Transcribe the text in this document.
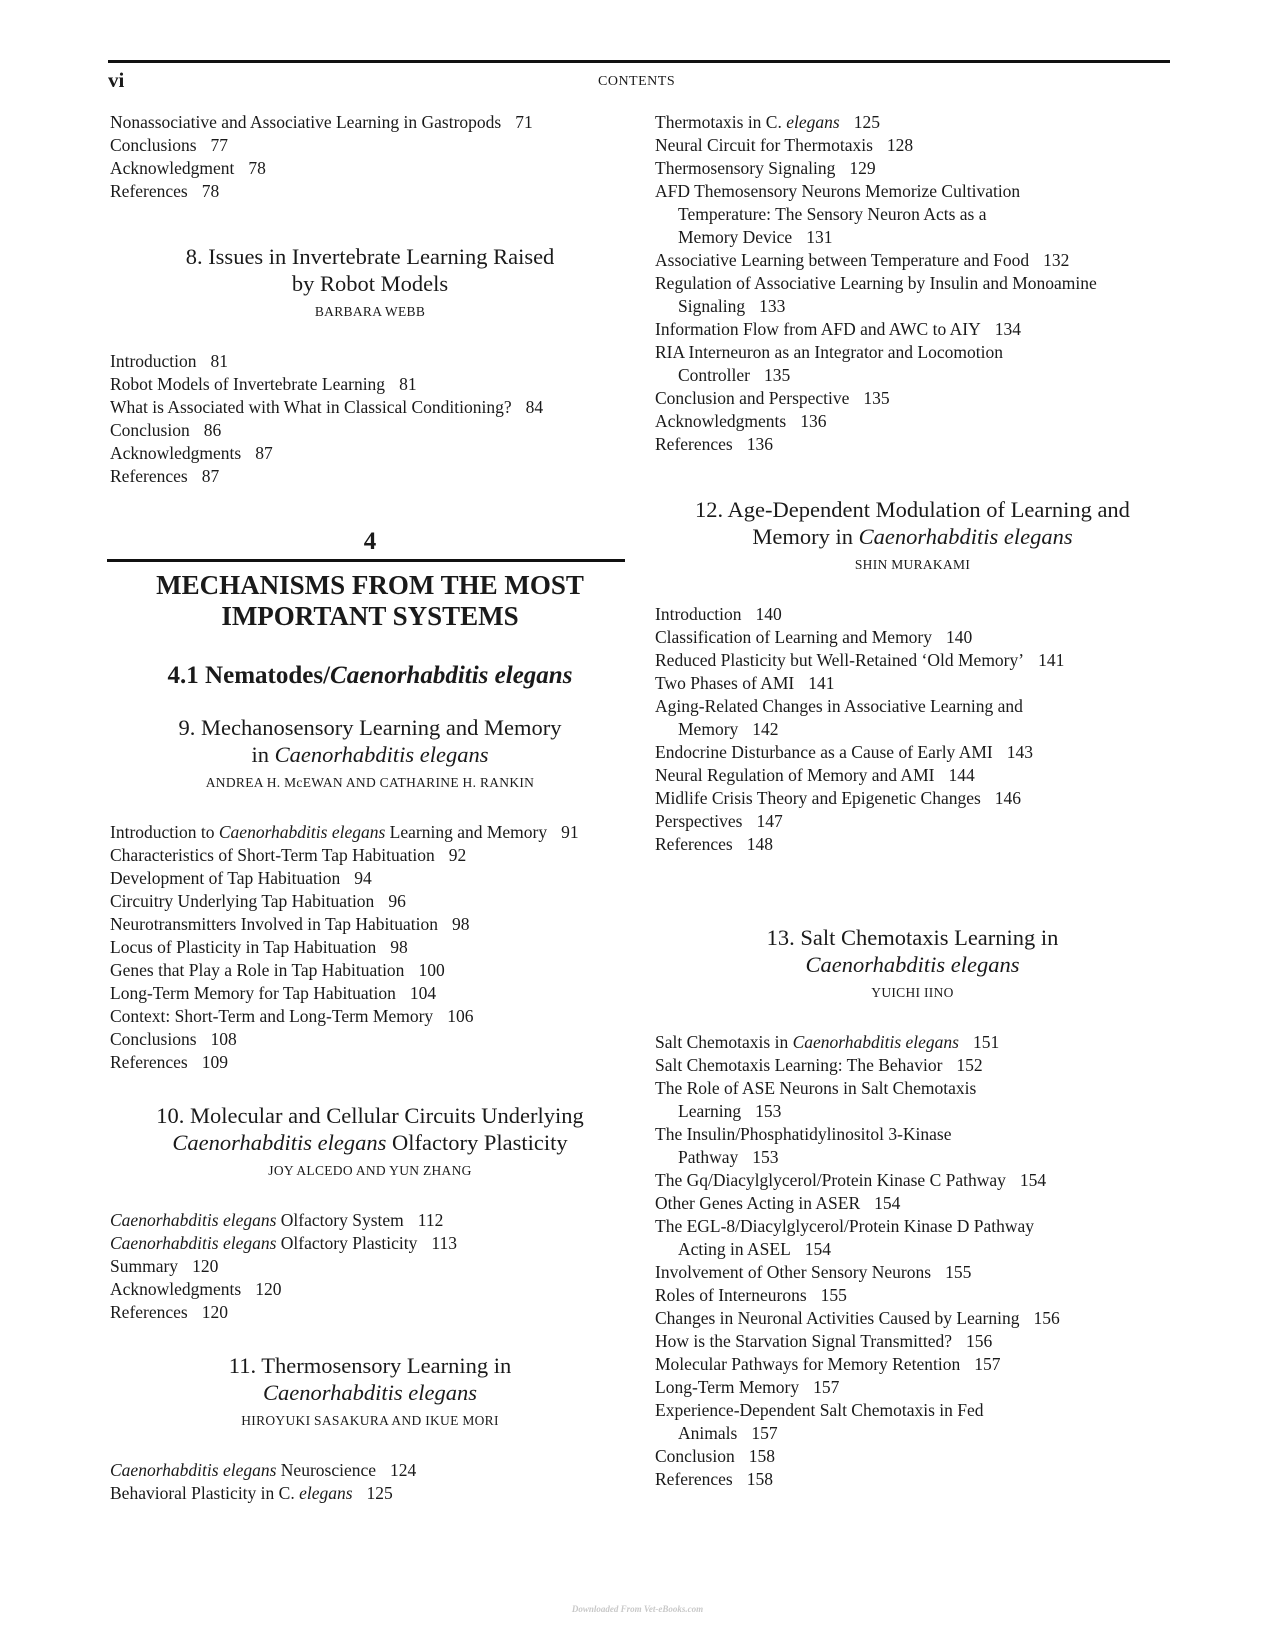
vi	CONTENTS
Nonassociative and Associative Learning in Gastropods 71
Conclusions 77
Acknowledgment 78
References 78
8. Issues in Invertebrate Learning Raised
by Robot Models
BARBARA WEBB
Introduction 81
Robot Models of Invertebrate Learning 81
What is Associated with What in Classical Conditioning? 84
Conclusion 86
Acknowledgments 87
References 87
4
MECHANISMS FROM THE MOST
IMPORTANT SYSTEMS
4.1 Nematodes/Caenorhabditis elegans
9. Mechanosensory Learning and Memory
in Caenorhabditis elegans
ANDREA H. McEWAN AND CATHARINE H. RANKIN
Introduction to Caenorhabditis elegans Learning and Memory 91
Characteristics of Short-Term Tap Habituation 92
Development of Tap Habituation 94
Circuitry Underlying Tap Habituation 96
Neurotransmitters Involved in Tap Habituation 98
Locus of Plasticity in Tap Habituation 98
Genes that Play a Role in Tap Habituation 100
Long-Term Memory for Tap Habituation 104
Context: Short-Term and Long-Term Memory 106
Conclusions 108
References 109
10. Molecular and Cellular Circuits Underlying
Caenorhabditis elegans Olfactory Plasticity
JOY ALCEDO AND YUN ZHANG
Caenorhabditis elegans Olfactory System 112
Caenorhabditis elegans Olfactory Plasticity 113
Summary 120
Acknowledgments 120
References 120
11. Thermosensory Learning in
Caenorhabditis elegans
HIROYUKI SASAKURA AND IKUE MORI
Caenorhabditis elegans Neuroscience 124
Behavioral Plasticity in C. elegans 125
Thermotaxis in C. elegans 125
Neural Circuit for Thermotaxis 128
Thermosensory Signaling 129
AFD Themosensory Neurons Memorize Cultivation
Temperature: The Sensory Neuron Acts as a
Memory Device 131
Associative Learning between Temperature and Food 132
Regulation of Associative Learning by Insulin and Monoamine
Signaling 133
Information Flow from AFD and AWC to AIY 134
RIA Interneuron as an Integrator and Locomotion
Controller 135
Conclusion and Perspective 135
Acknowledgments 136
References 136
12. Age-Dependent Modulation of Learning and
Memory in Caenorhabditis elegans
SHIN MURAKAMI
Introduction 140
Classification of Learning and Memory 140
Reduced Plasticity but Well-Retained ‘Old Memory’ 141
Two Phases of AMI 141
Aging-Related Changes in Associative Learning and
Memory 142
Endocrine Disturbance as a Cause of Early AMI 143
Neural Regulation of Memory and AMI 144
Midlife Crisis Theory and Epigenetic Changes 146
Perspectives 147
References 148
13. Salt Chemotaxis Learning in
Caenorhabditis elegans
YUICHI IINO
Salt Chemotaxis in Caenorhabditis elegans 151
Salt Chemotaxis Learning: The Behavior 152
The Role of ASE Neurons in Salt Chemotaxis
Learning 153
The Insulin/Phosphatidylinositol 3-Kinase
Pathway 153
The Gq/Diacylglycerol/Protein Kinase C Pathway 154
Other Genes Acting in ASER 154
The EGL-8/Diacylglycerol/Protein Kinase D Pathway
Acting in ASEL 154
Involvement of Other Sensory Neurons 155
Roles of Interneurons 155
Changes in Neuronal Activities Caused by Learning 156
How is the Starvation Signal Transmitted? 156
Molecular Pathways for Memory Retention 157
Long-Term Memory 157
Experience-Dependent Salt Chemotaxis in Fed
Animals 157
Conclusion 158
References 158
Downloaded From Vet-eBooks.com
